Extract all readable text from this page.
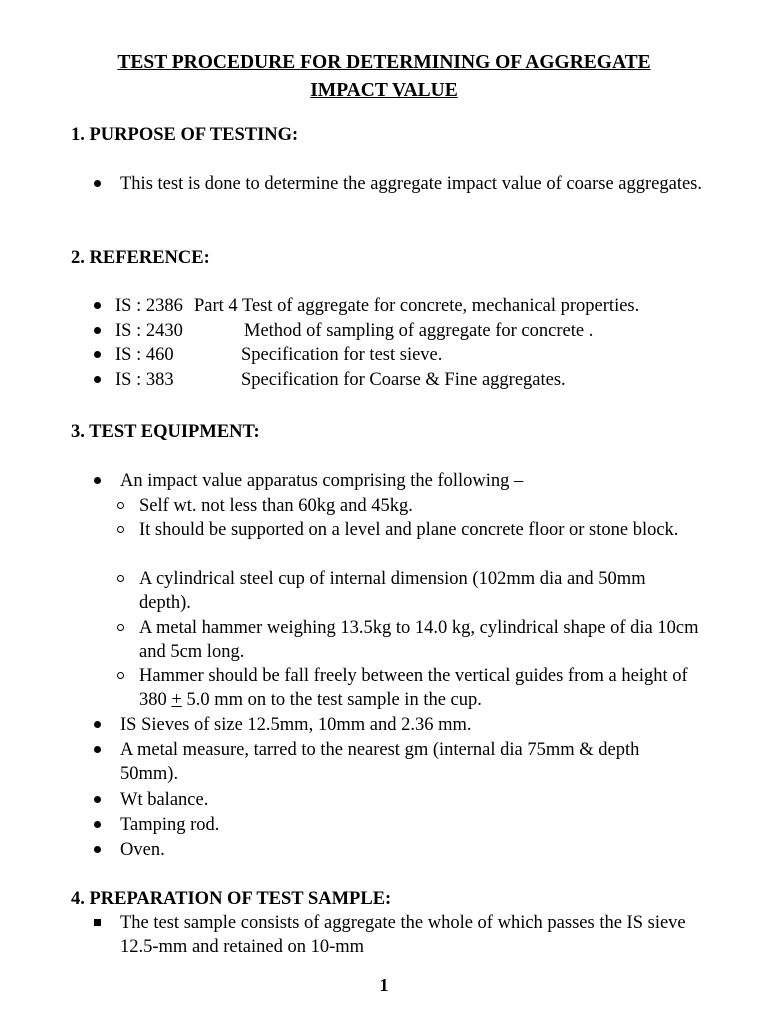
TEST PROCEDURE FOR DETERMINING OF AGGREGATE
IMPACT VALUE
1. PURPOSE OF TESTING:
This test is done to determine the aggregate impact value of coarse aggregates.
2. REFERENCE:
IS : 2386 Part 4 Test of aggregate for concrete, mechanical properties.
IS : 2430	Method of sampling of aggregate for concrete .
IS : 460	Specification for test sieve.
IS : 383	Specification for Coarse & Fine aggregates.
3. TEST EQUIPMENT:
An impact value apparatus comprising the following –
Self wt. not less than 60kg and 45kg.
It should be supported on a level and plane concrete floor or stone block.
A cylindrical steel cup of internal dimension (102mm dia and 50mm depth).
A metal hammer weighing 13.5kg to 14.0 kg, cylindrical shape of dia 10cm and 5cm long.
Hammer should be fall freely between the vertical guides from a height of 380 + 5.0 mm on to the test sample in the cup.
IS Sieves of size 12.5mm, 10mm and 2.36 mm.
A metal measure, tarred to the nearest gm (internal dia 75mm & depth 50mm).
Wt balance.
Tamping rod.
Oven.
4. PREPARATION OF TEST SAMPLE:
The test sample consists of aggregate the whole of which passes the IS sieve 12.5-mm and retained on 10-mm
1
